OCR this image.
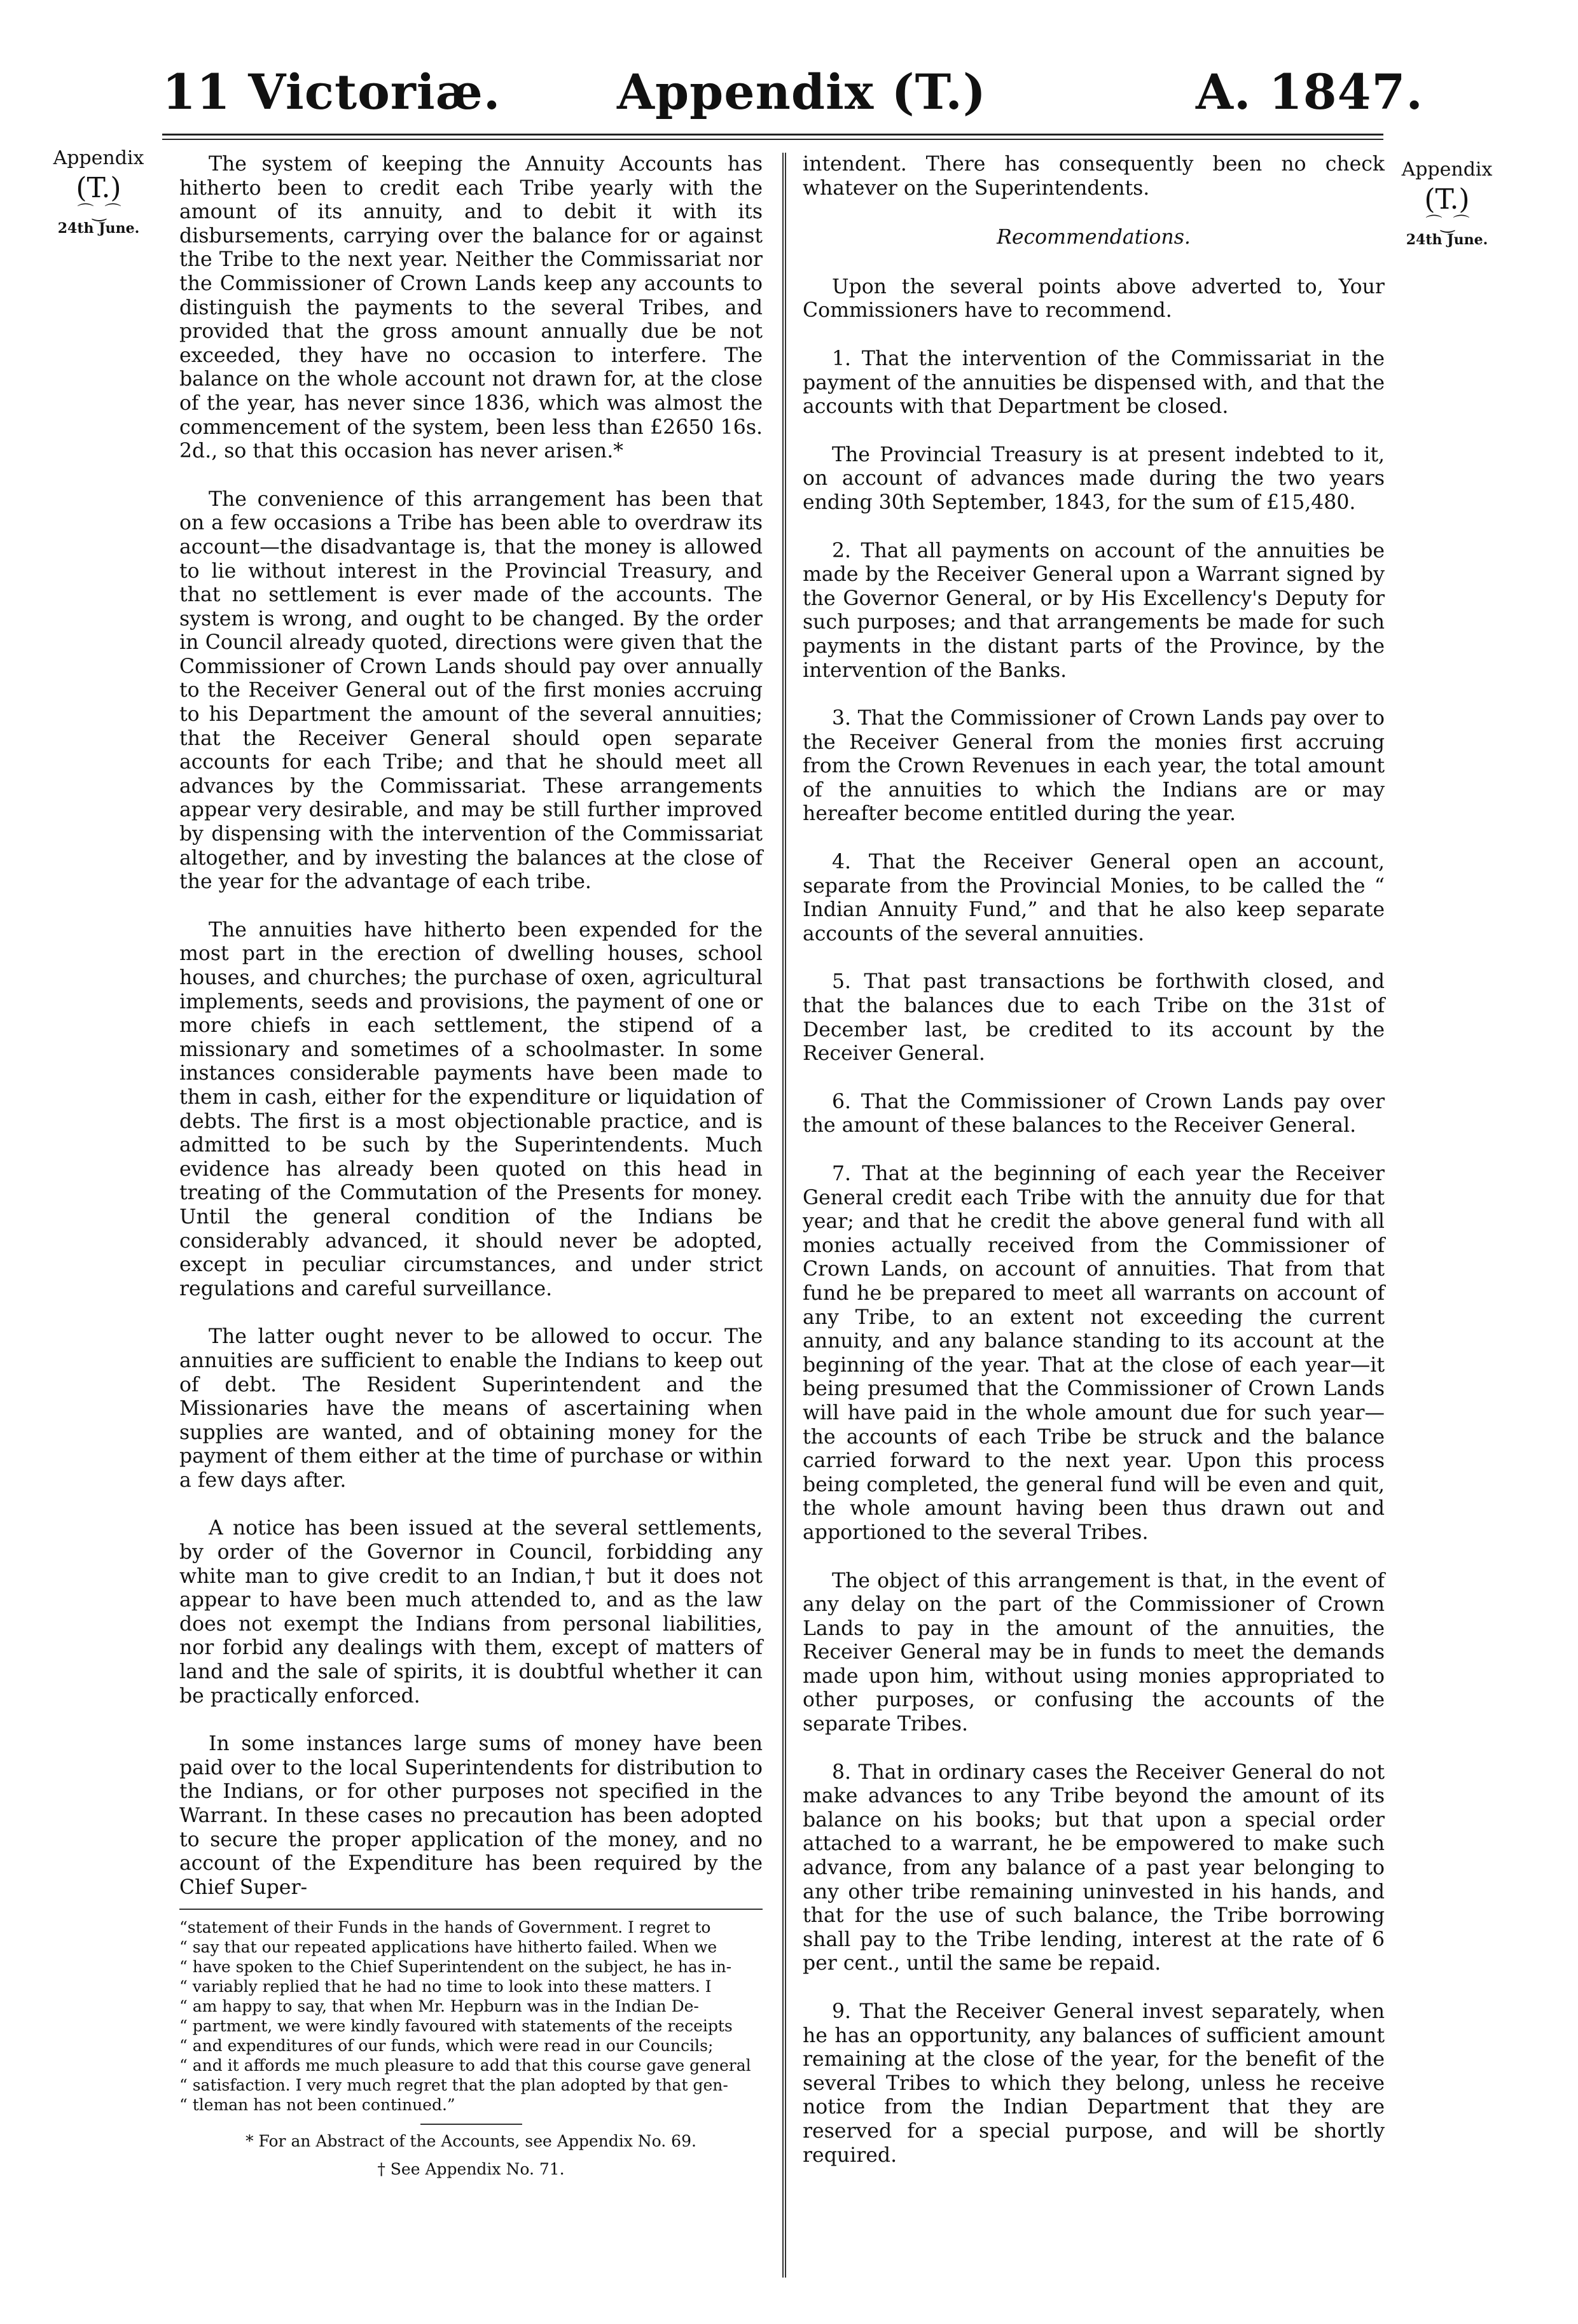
11 Victoriæ. Appendix (T.)	A. 1847.
Appendix
(T.)
⌒‿⌒
24th June.
Appendix
(T.)
⌒‿⌒
24th June.

The system of keeping the Annuity Accounts has hitherto been to credit each Tribe yearly with the amount of its annuity, and to debit it with its disbursements, carrying over the balance for or against the Tribe to the next year. Neither the Commissariat nor the Commissioner of Crown Lands keep any accounts to distinguish the payments to the several Tribes, and provided that the gross amount annually due be not exceeded, they have no occasion to interfere. The balance on the whole account not drawn for, at the close of the year, has never since 1836, which was almost the commencement of the system, been less than £2650 16s. 2d., so that this occasion has never arisen.*

The convenience of this arrangement has been that on a few occasions a Tribe has been able to overdraw its account—the disadvantage is, that the money is allowed to lie without interest in the Provincial Treasury, and that no settlement is ever made of the accounts. The system is wrong, and ought to be changed. By the order in Council already quoted, directions were given that the Commissioner of Crown Lands should pay over annually to the Receiver General out of the first monies accruing to his Department the amount of the several annuities; that the Receiver General should open separate accounts for each Tribe; and that he should meet all advances by the Commissariat. These arrangements appear very desirable, and may be still further improved by dispensing with the intervention of the Commissariat altogether, and by investing the balances at the close of the year for the advantage of each tribe.

The annuities have hitherto been expended for the most part in the erection of dwelling houses, school houses, and churches; the purchase of oxen, agricultural implements, seeds and provisions, the payment of one or more chiefs in each settlement, the stipend of a missionary and sometimes of a schoolmaster. In some instances considerable payments have been made to them in cash, either for the expenditure or liquidation of debts. The first is a most objectionable practice, and is admitted to be such by the Superintendents. Much evidence has already been quoted on this head in treating of the Commutation of the Presents for money. Until the general condition of the Indians be considerably advanced, it should never be adopted, except in peculiar circumstances, and under strict regulations and careful surveillance.

The latter ought never to be allowed to occur. The annuities are sufficient to enable the Indians to keep out of debt. The Resident Superintendent and the Missionaries have the means of ascertaining when supplies are wanted, and of obtaining money for the payment of them either at the time of purchase or within a few days after.

A notice has been issued at the several settlements, by order of the Governor in Council, forbidding any white man to give credit to an Indian,† but it does not appear to have been much attended to, and as the law does not exempt the Indians from personal liabilities, nor forbid any dealings with them, except of matters of land and the sale of spirits, it is doubtful whether it can be practically enforced.

In some instances large sums of money have been paid over to the local Superintendents for distribution to the Indians, or for other purposes not specified in the Warrant. In these cases no precaution has been adopted to secure the proper application of the money, and no account of the Expenditure has been required by the Chief Super-

“statement of their Funds in the hands of Government. I regret to
“ say that our repeated applications have hitherto failed. When we
“ have spoken to the Chief Superintendent on the subject, he has in-
“ variably replied that he had no time to look into these matters. I
“ am happy to say, that when Mr. Hepburn was in the Indian De-
“ partment, we were kindly favoured with statements of the receipts
“ and expenditures of our funds, which were read in our Councils;
“ and it affords me much pleasure to add that this course gave general
“ satisfaction. I very much regret that the plan adopted by that gen-
“ tleman has not been continued.”
* For an Abstract of the Accounts, see Appendix No. 69.
† See Appendix No. 71.

intendent. There has consequently been no check whatever on the Superintendents.

Recommendations.

Upon the several points above adverted to, Your Commissioners have to recommend.

1. That the intervention of the Commissariat in the payment of the annuities be dispensed with, and that the accounts with that Department be closed.

The Provincial Treasury is at present indebted to it, on account of advances made during the two years ending 30th September, 1843, for the sum of £15,480.

2. That all payments on account of the annuities be made by the Receiver General upon a Warrant signed by the Governor General, or by His Excellency's Deputy for such purposes; and that arrangements be made for such payments in the distant parts of the Province, by the intervention of the Banks.

3. That the Commissioner of Crown Lands pay over to the Receiver General from the monies first accruing from the Crown Revenues in each year, the total amount of the annuities to which the Indians are or may hereafter become entitled during the year.

4. That the Receiver General open an account, separate from the Provincial Monies, to be called the “ Indian Annuity Fund,” and that he also keep separate accounts of the several annuities.

5. That past transactions be forthwith closed, and that the balances due to each Tribe on the 31st of December last, be credited to its account by the Receiver General.

6. That the Commissioner of Crown Lands pay over the amount of these balances to the Receiver General.

7. That at the beginning of each year the Receiver General credit each Tribe with the annuity due for that year; and that he credit the above general fund with all monies actually received from the Commissioner of Crown Lands, on account of annuities. That from that fund he be prepared to meet all warrants on account of any Tribe, to an extent not exceeding the current annuity, and any balance standing to its account at the beginning of the year. That at the close of each year—it being presumed that the Commissioner of Crown Lands will have paid in the whole amount due for such year—the accounts of each Tribe be struck and the balance carried forward to the next year. Upon this process being completed, the general fund will be even and quit, the whole amount having been thus drawn out and apportioned to the several Tribes.

The object of this arrangement is that, in the event of any delay on the part of the Commissioner of Crown Lands to pay in the amount of the annuities, the Receiver General may be in funds to meet the demands made upon him, without using monies appropriated to other purposes, or confusing the accounts of the separate Tribes.

8. That in ordinary cases the Receiver General do not make advances to any Tribe beyond the amount of its balance on his books; but that upon a special order attached to a warrant, he be empowered to make such advance, from any balance of a past year belonging to any other tribe remaining uninvested in his hands, and that for the use of such balance, the Tribe borrowing shall pay to the Tribe lending, interest at the rate of 6 per cent., until the same be repaid.

9. That the Receiver General invest separately, when he has an opportunity, any balances of sufficient amount remaining at the close of the year, for the benefit of the several Tribes to which they belong, unless he receive notice from the Indian Department that they are reserved for a special purpose, and will be shortly required.
